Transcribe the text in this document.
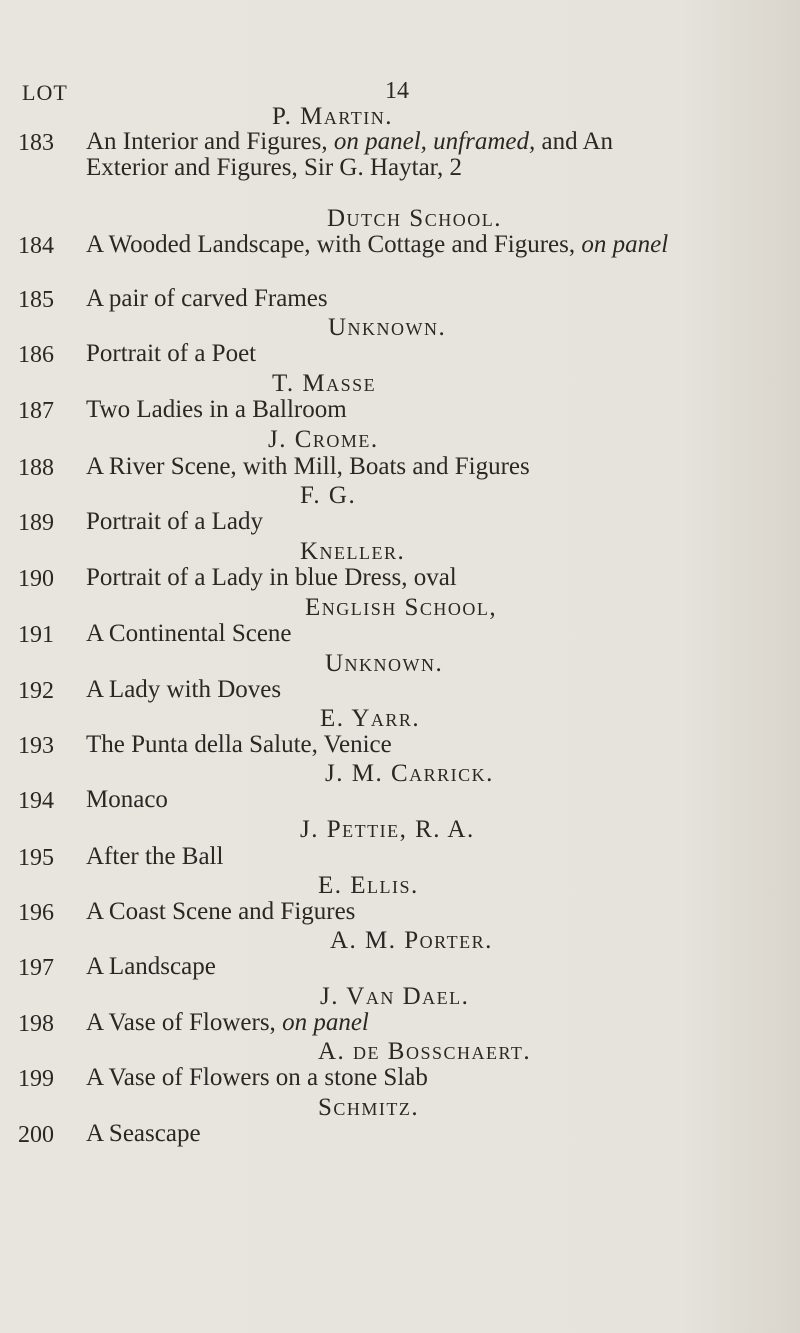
LOT	14
183
184
185
186
187
188
189
190
191
192
193
194
195
196
197
198
199
200
P. Martin.
Dutch School.
Unknown.
T. Masse
J. Crome.
F. G.
Kneller.
English School,
Unknown.
E. Yarr.
J. M. Carrick.
J. Pettie, R. A.
E. Ellis.
A. M. Porter.
J. Van Dael.
A. de Bosschaert.
Schmitz.
An Interior and Figures, on panel, unframed, and An
Exterior and Figures, Sir G. Haytar, 2
A Wooded Landscape, with Cottage and Figures, on panel
A pair of carved Frames
Portrait of a Poet
Two Ladies in a Ballroom
A River Scene, with Mill, Boats and Figures
Portrait of a Lady
Portrait of a Lady in blue Dress, oval
A Continental Scene
A Lady with Doves
The Punta della Salute, Venice
Monaco
After the Ball
A Coast Scene and Figures
A Landscape
A Vase of Flowers, on panel
A Vase of Flowers on a stone Slab
A Seascape
